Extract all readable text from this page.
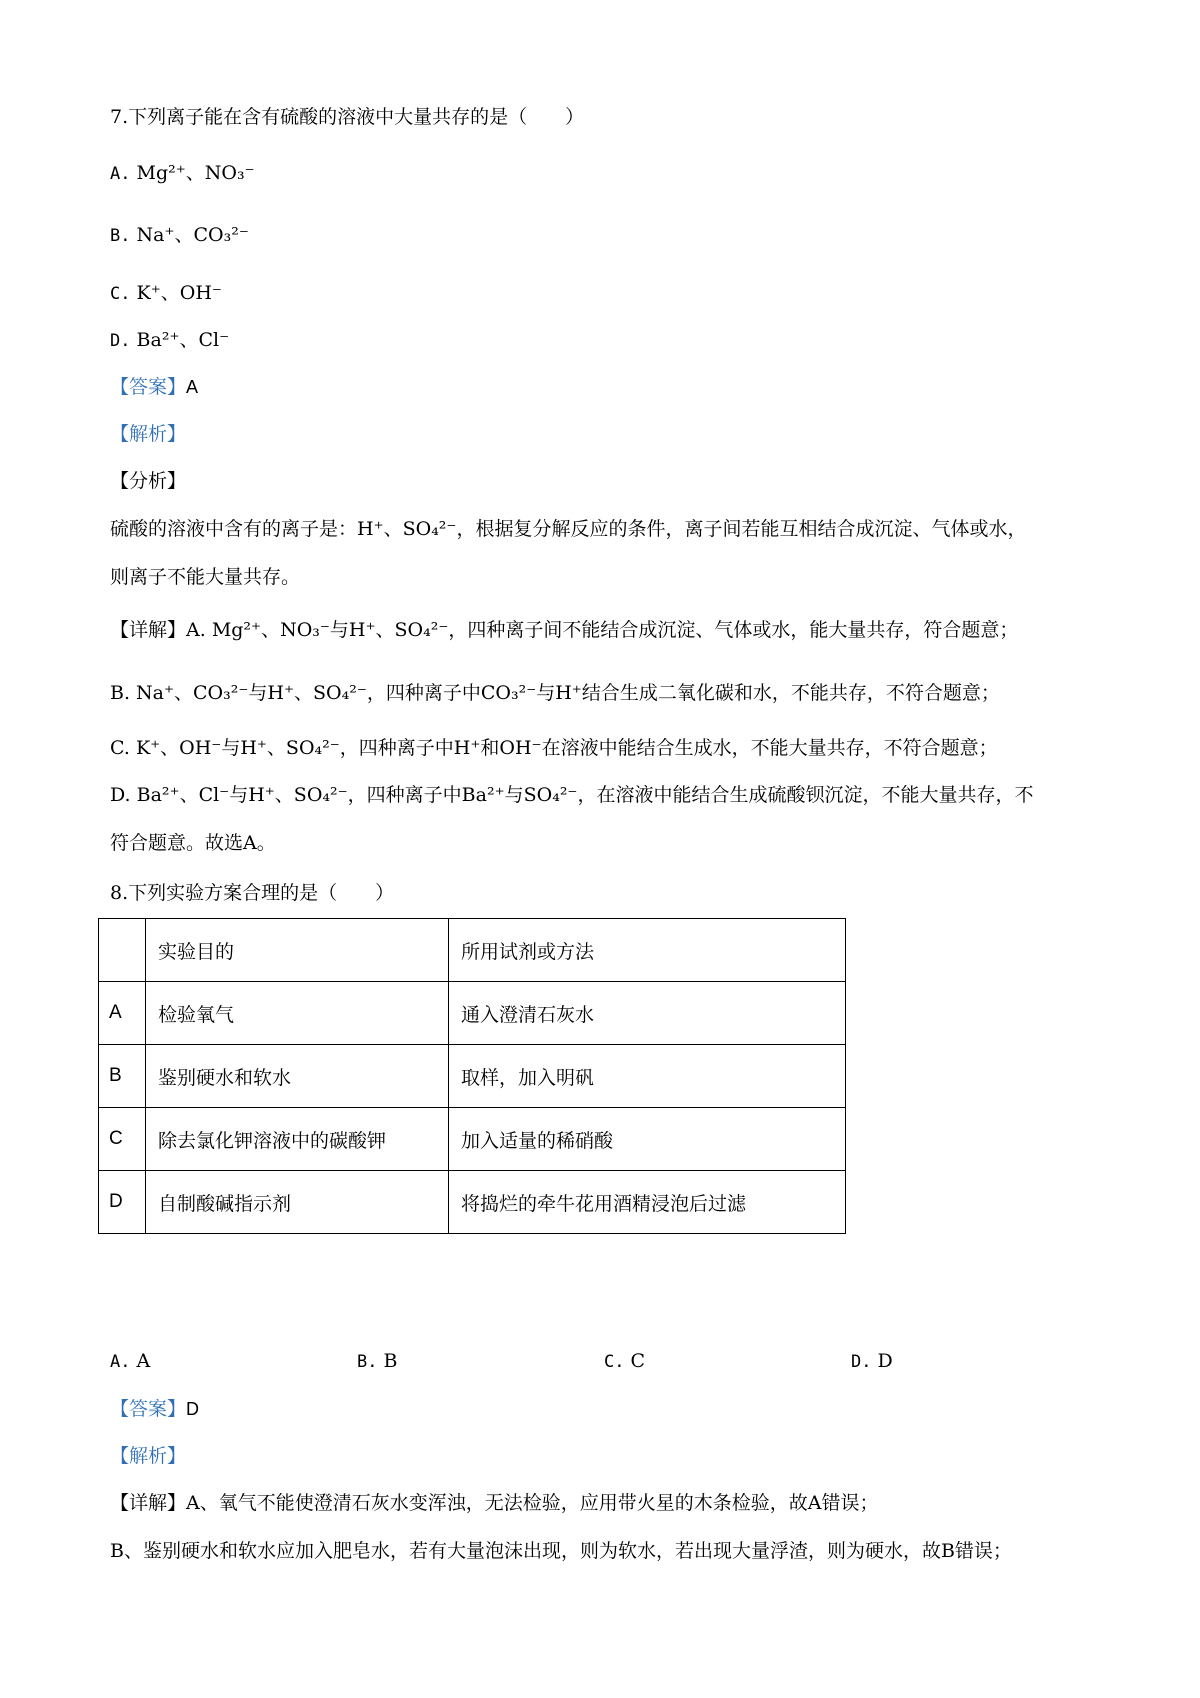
7.下列离子能在含有硫酸的溶液中大量共存的是（　　）
A. Mg²⁺、NO₃⁻
B. Na⁺、CO₃²⁻
C. K⁺、OH⁻
D. Ba²⁺、Cl⁻
【答案】A
【解析】
【分析】
硫酸的溶液中含有的离子是：H⁺、SO₄²⁻，根据复分解反应的条件，离子间若能互相结合成沉淀、气体或水，
则离子不能大量共存。
【详解】A. Mg²⁺、NO₃⁻与H⁺、SO₄²⁻，四种离子间不能结合成沉淀、气体或水，能大量共存，符合题意；
B. Na⁺、CO₃²⁻与H⁺、SO₄²⁻，四种离子中CO₃²⁻与H⁺结合生成二氧化碳和水，不能共存，不符合题意；
C. K⁺、OH⁻与H⁺、SO₄²⁻，四种离子中H⁺和OH⁻在溶液中能结合生成水，不能大量共存，不符合题意；
D. Ba²⁺、Cl⁻与H⁺、SO₄²⁻，四种离子中Ba²⁺与SO₄²⁻，在溶液中能结合生成硫酸钡沉淀，不能大量共存，不
符合题意。故选A。
8.下列实验方案合理的是（　　）
	实验目的	所用试剂或方法
A	检验氧气	通入澄清石灰水
B	鉴别硬水和软水	取样，加入明矾
C	除去氯化钾溶液中的碳酸钾	加入适量的稀硝酸
D	自制酸碱指示剂	将捣烂的牵牛花用酒精浸泡后过滤
A. A	B. B	C. C	D. D
【答案】D
【解析】
【详解】A、氧气不能使澄清石灰水变浑浊，无法检验，应用带火星的木条检验，故A错误；
B、鉴别硬水和软水应加入肥皂水，若有大量泡沫出现，则为软水，若出现大量浮渣，则为硬水，故B错误；
